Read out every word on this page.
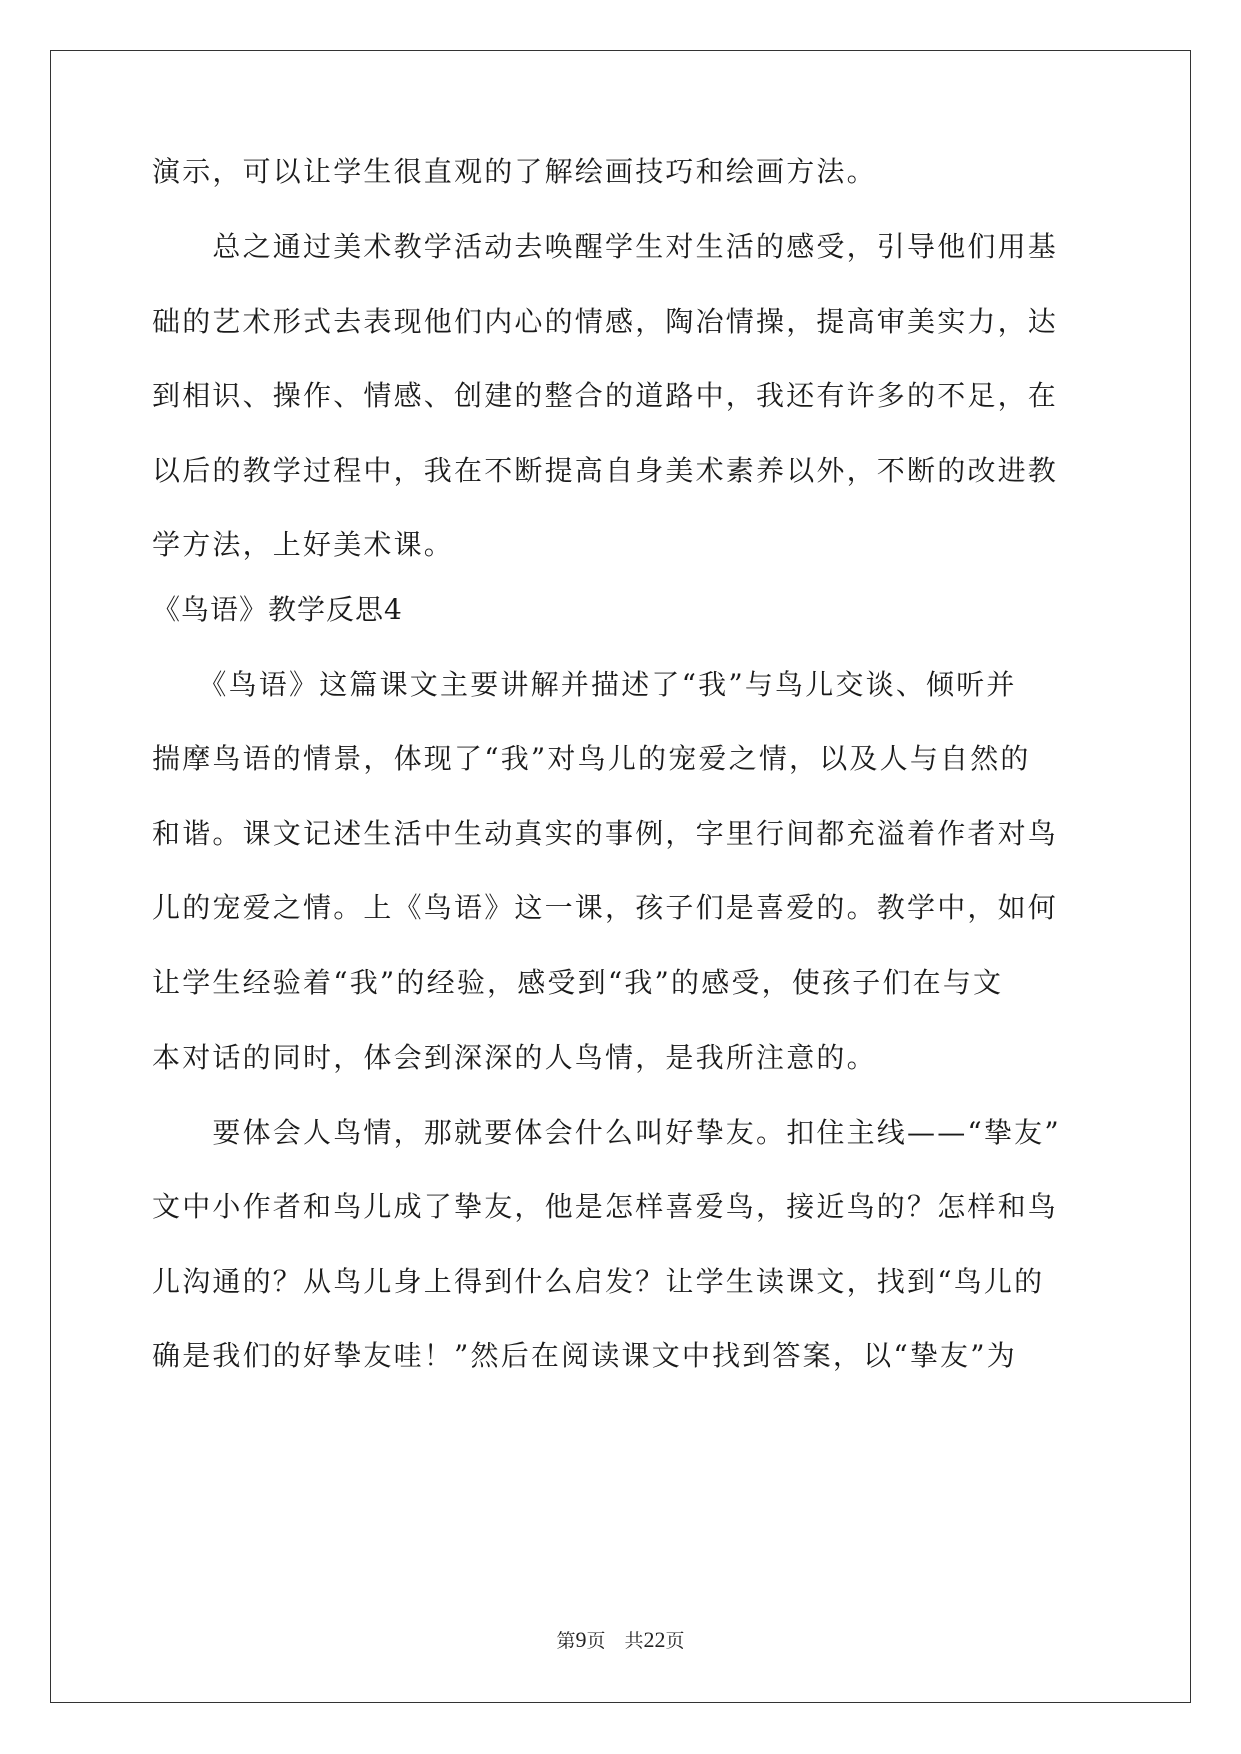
演示，可以让学生很直观的了解绘画技巧和绘画方法。
　　总之通过美术教学活动去唤醒学生对生活的感受，引导他们用基
础的艺术形式去表现他们内心的情感，陶冶情操，提高审美实力，达
到相识、操作、情感、创建的整合的道路中，我还有许多的不足，在
以后的教学过程中，我在不断提高自身美术素养以外，不断的改进教
学方法，上好美术课。
《鸟语》教学反思4
　　《鸟语》这篇课文主要讲解并描述了“我”与鸟儿交谈、倾听并
揣摩鸟语的情景，体现了“我”对鸟儿的宠爱之情，以及人与自然的
和谐。课文记述生活中生动真实的事例，字里行间都充溢着作者对鸟
儿的宠爱之情。上《鸟语》这一课，孩子们是喜爱的。教学中，如何
让学生经验着“我”的经验，感受到“我”的感受，使孩子们在与文
本对话的同时，体会到深深的人鸟情，是我所注意的。
　　要体会人鸟情，那就要体会什么叫好挚友。扣住主线——“挚友”
文中小作者和鸟儿成了挚友，他是怎样喜爱鸟，接近鸟的？怎样和鸟
儿沟通的？从鸟儿身上得到什么启发？让学生读课文，找到“鸟儿的
确是我们的好挚友哇！”然后在阅读课文中找到答案，以“挚友”为
第9页　共22页
